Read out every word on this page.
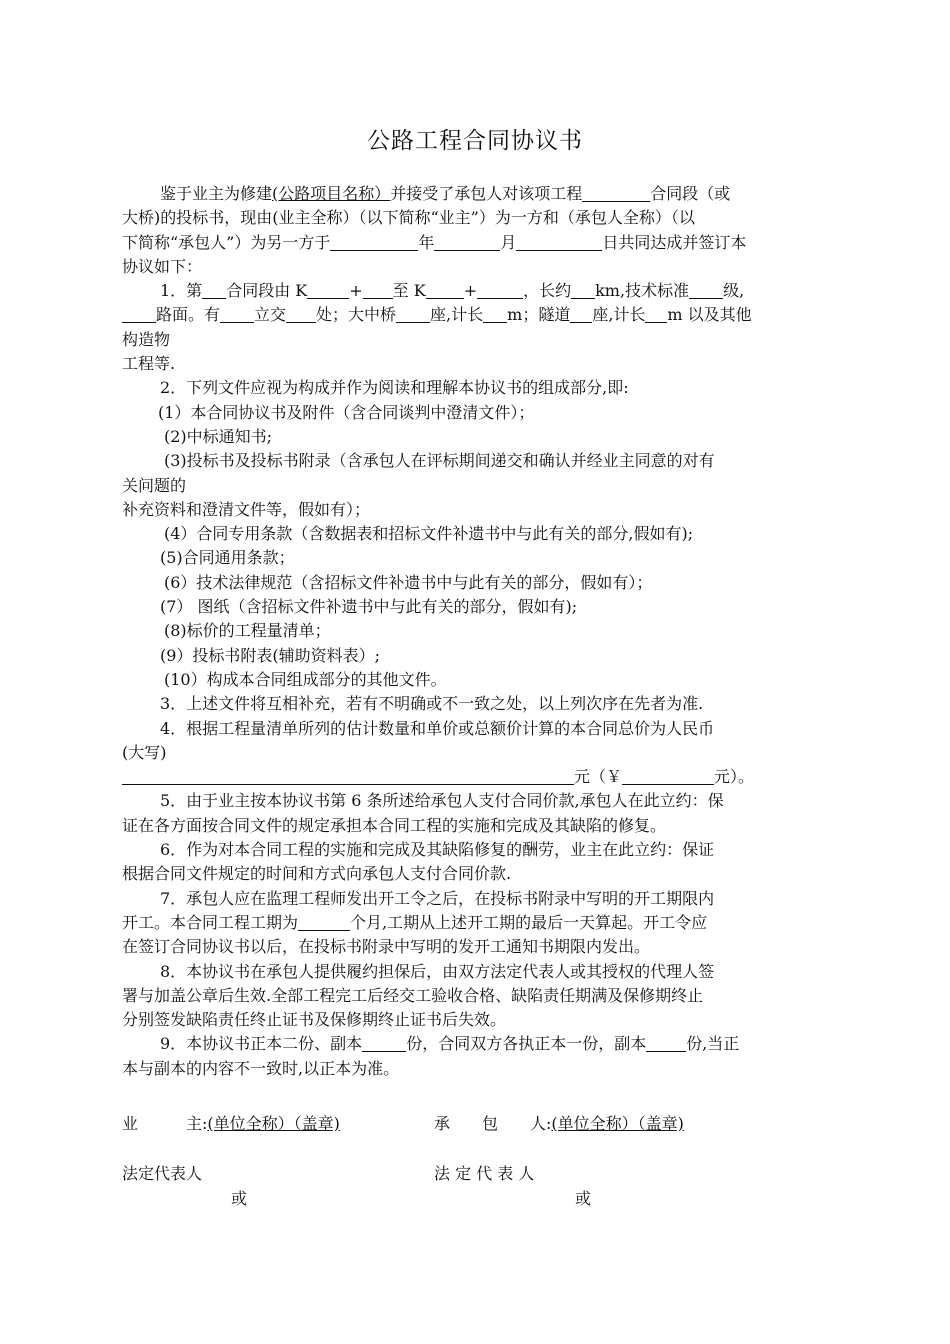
公路工程合同协议书
鉴于业主为修建(公路项目名称）并接受了承包人对该项工程	合同段（或
大桥)的投标书，现由(业主全称）（以下简称“业主”）为一方和（承包人全称）（以
下简称“承包人”）为另一方于	年	月	日共同达成并签订本
协议如下：
1．第 合同段由 K	+ 至 K +	，长约 km,技术标准 级,
路面。有 立交 处；大中桥 座,计长 m；隧道 座,计长 m 以及其他
构造物
工程等.
2．下列文件应视为构成并作为阅读和理解本协议书的组成部分,即:
(1）本合同协议书及附件（含合同谈判中澄清文件）；
(2)中标通知书;
(3)投标书及投标书附录（含承包人在评标期间递交和确认并经业主同意的对有
关问题的
补充资料和澄清文件等，假如有）；
(4）合同专用条款（含数据表和招标文件补遗书中与此有关的部分,假如有);
(5)合同通用条款；
(6）技术法律规范（含招标文件补遗书中与此有关的部分，假如有）；
(7） 图纸（含招标文件补遗书中与此有关的部分，假如有);
(8)标价的工程量清单；
(9）投标书附表(辅助资料表）;
(10）构成本合同组成部分的其他文件。
3．上述文件将互相补充，若有不明确或不一致之处，以上列次序在先者为准.
4．根据工程量清单所列的估计数量和单价或总额价计算的本合同总价为人民币
(大写)
元（￥	元）。
5．由于业主按本协议书第 6 条所述给承包人支付合同价款,承包人在此立约：保
证在各方面按合同文件的规定承担本合同工程的实施和完成及其缺陷的修复。
6．作为对本合同工程的实施和完成及其缺陷修复的酬劳，业主在此立约：保证
根据合同文件规定的时间和方式向承包人支付合同价款.
7．承包人应在监理工程师发出开工令之后，在投标书附录中写明的开工期限内
开工。本合同工程工期为	个月,工期从上述开工期的最后一天算起。开工令应
在签订合同协议书以后，在投标书附录中写明的发开工通知书期限内发出。
8．本协议书在承包人提供履约担保后，由双方法定代表人或其授权的代理人签
署与加盖公章后生效.全部工程完工后经交工验收合格、缺陷责任期满及保修期终止
分别签发缺陷责任终止证书及保修期终止证书后失效。
9．本协议书正本二份、副本	份，合同双方各执正本一份，副本	份,当正
本与副本的内容不一致时,以正本为准。
业　　　主:(单位全称）（盖章)	承　　包　　人:(单位全称）（盖章)
法定代表人	法 定 代 表 人
或	或
